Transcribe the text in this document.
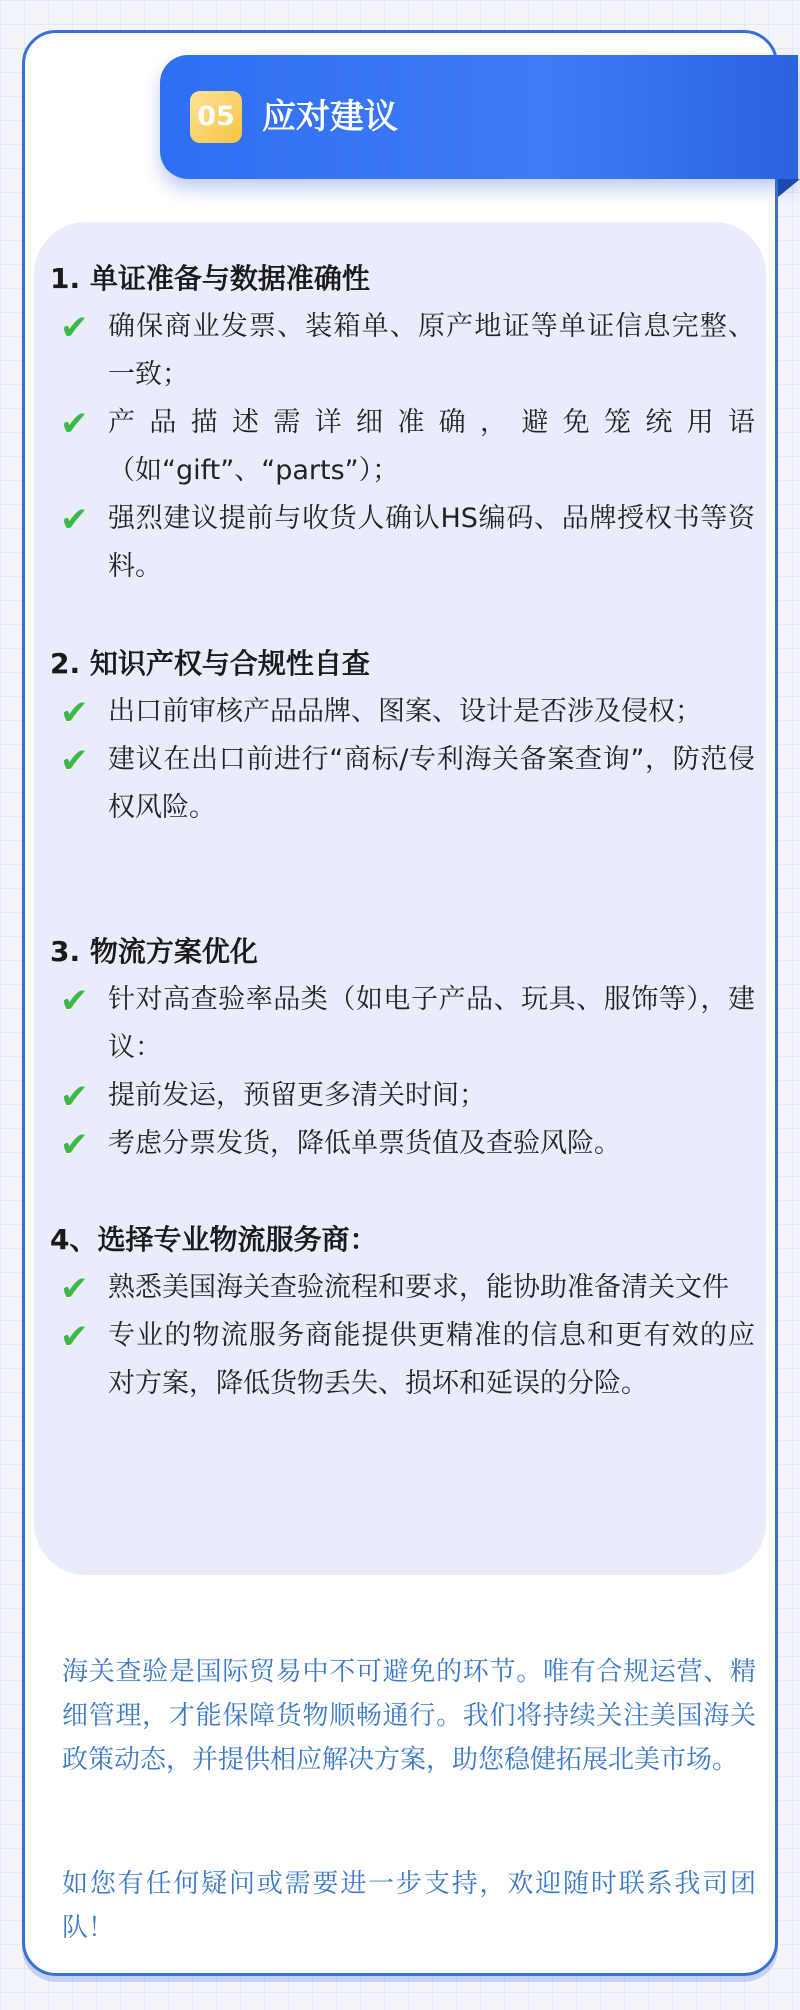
05 应对建议
1. 单证准备与数据准确性
✔ 确保商业发票、装箱单、原产地证等单证信息完整、一致；
✔ 产品描述需详细准确，避免笼统用语（如“gift”、“parts”）；
✔ 强烈建议提前与收货人确认HS编码、品牌授权书等资料。
2. 知识产权与合规性自查
✔ 出口前审核产品品牌、图案、设计是否涉及侵权；
✔ 建议在出口前进行“商标/专利海关备案查询”，防范侵权风险。
3. 物流方案优化
✔ 针对高查验率品类（如电子产品、玩具、服饰等），建议：
✔ 提前发运，预留更多清关时间；
✔ 考虑分票发货，降低单票货值及查验风险。
4、选择专业物流服务商：
✔ 熟悉美国海关查验流程和要求，能协助准备清关文件
✔ 专业的物流服务商能提供更精准的信息和更有效的应对方案，降低货物丢失、损坏和延误的分险。
海关查验是国际贸易中不可避免的环节。唯有合规运营、精细管理，才能保障货物顺畅通行。我们将持续关注美国海关政策动态，并提供相应解决方案，助您稳健拓展北美市场。
如您有任何疑问或需要进一步支持，欢迎随时联系我司团队！
